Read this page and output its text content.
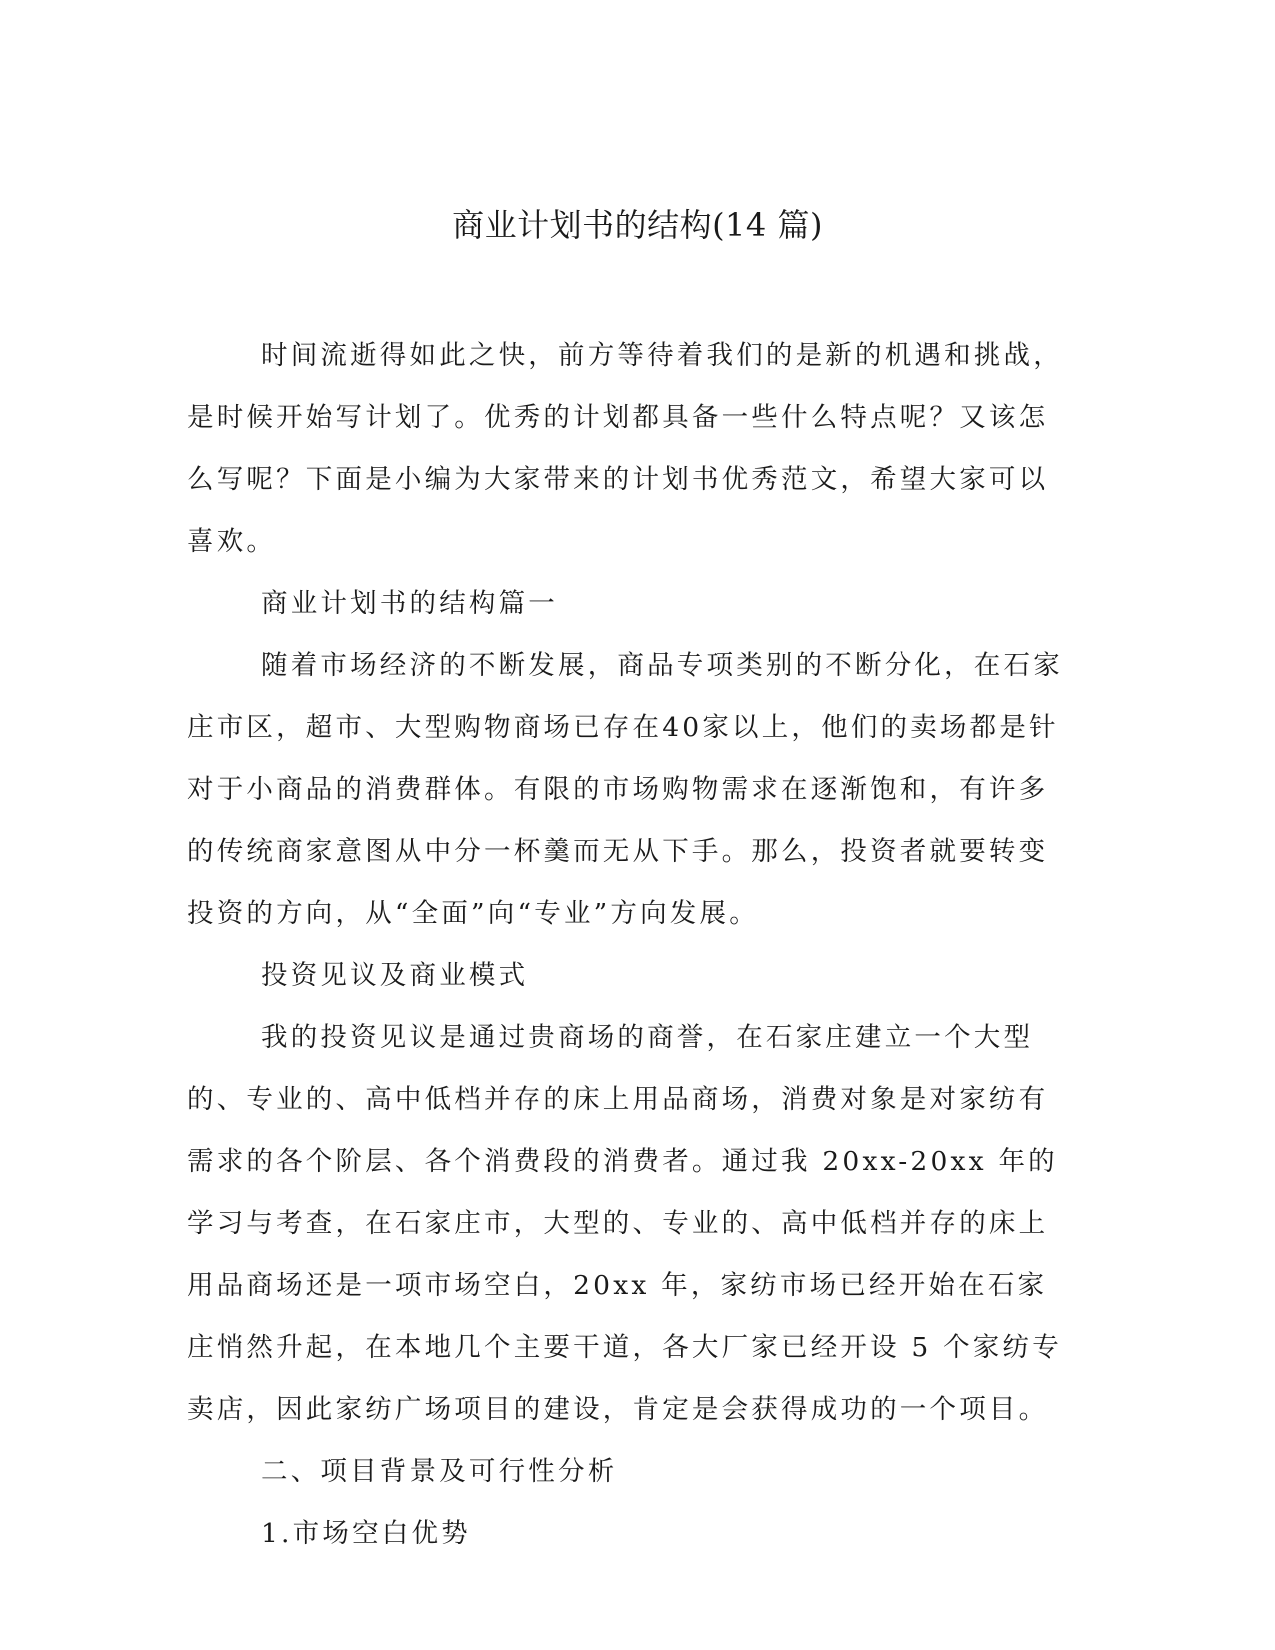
商业计划书的结构(14 篇)

时间流逝得如此之快，前方等待着我们的是新的机遇和挑战，是时候开始写计划了。优秀的计划都具备一些什么特点呢？又该怎么写呢？下面是小编为大家带来的计划书优秀范文，希望大家可以喜欢。

商业计划书的结构篇一

随着市场经济的不断发展，商品专项类别的不断分化，在石家庄市区，超市、大型购物商场已存在40家以上，他们的卖场都是针对于小商品的消费群体。有限的市场购物需求在逐渐饱和，有许多的传统商家意图从中分一杯羹而无从下手。那么，投资者就要转变投资的方向，从“全面”向“专业”方向发展。

投资见议及商业模式

我的投资见议是通过贵商场的商誉，在石家庄建立一个大型的、专业的、高中低档并存的床上用品商场，消费对象是对家纺有需求的各个阶层、各个消费段的消费者。通过我 20xx-20xx 年的学习与考查，在石家庄市，大型的、专业的、高中低档并存的床上用品商场还是一项市场空白，20xx 年，家纺市场已经开始在石家庄悄然升起，在本地几个主要干道，各大厂家已经开设 5 个家纺专卖店，因此家纺广场项目的建设，肯定是会获得成功的一个项目。

二、项目背景及可行性分析

1.市场空白优势
